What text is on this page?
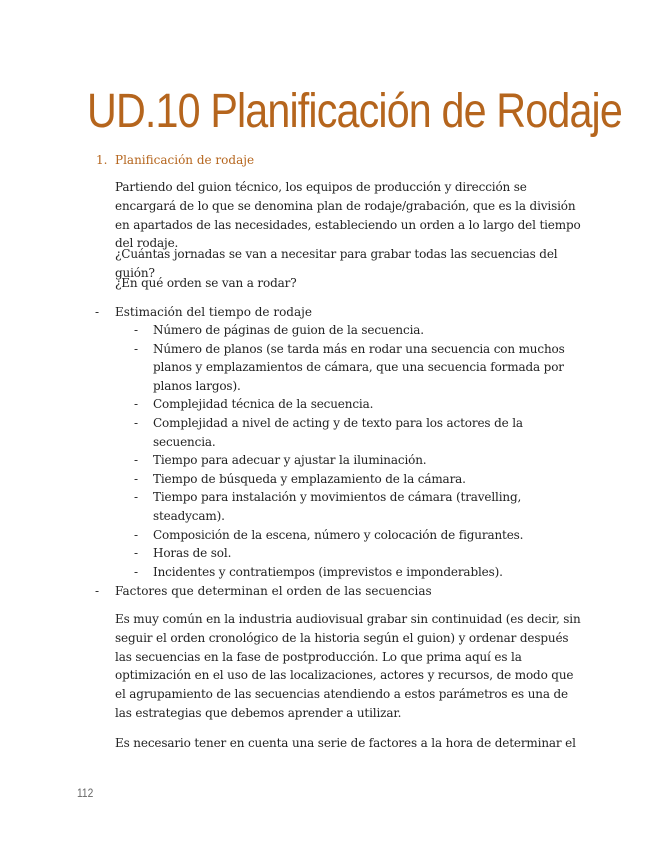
UD.10 Planificación de Rodaje
1. Planificación de rodaje

Partiendo del guion técnico, los equipos de producción y dirección se encargará de lo que se denomina plan de rodaje/grabación, que es la división en apartados de las necesidades, estableciendo un orden a lo largo del tiempo del rodaje.

¿Cuántas jornadas se van a necesitar para grabar todas las secuencias del guión?

¿En qué orden se van a rodar?

- Estimación del tiempo de rodaje
- Número de páginas de guion de la secuencia.
- Número de planos (se tarda más en rodar una secuencia con muchos planos y emplazamientos de cámara, que una secuencia formada por planos largos).
- Complejidad técnica de la secuencia.
- Complejidad a nivel de acting y de texto para los actores de la secuencia.
- Tiempo para adecuar y ajustar la iluminación.
- Tiempo de búsqueda y emplazamiento de la cámara.
- Tiempo para instalación y movimientos de cámara (travelling, steadycam).
- Composición de la escena, número y colocación de figurantes.
- Horas de sol.
- Incidentes y contratiempos (imprevistos e imponderables).
- Factores que determinan el orden de las secuencias

Es muy común en la industria audiovisual grabar sin continuidad (es decir, sin seguir el orden cronológico de la historia según el guion) y ordenar después las secuencias en la fase de postproducción. Lo que prima aquí es la optimización en el uso de las localizaciones, actores y recursos, de modo que el agrupamiento de las secuencias atendiendo a estos parámetros es una de las estrategias que debemos aprender a utilizar.

Es necesario tener en cuenta una serie de factores a la hora de determinar el

112
